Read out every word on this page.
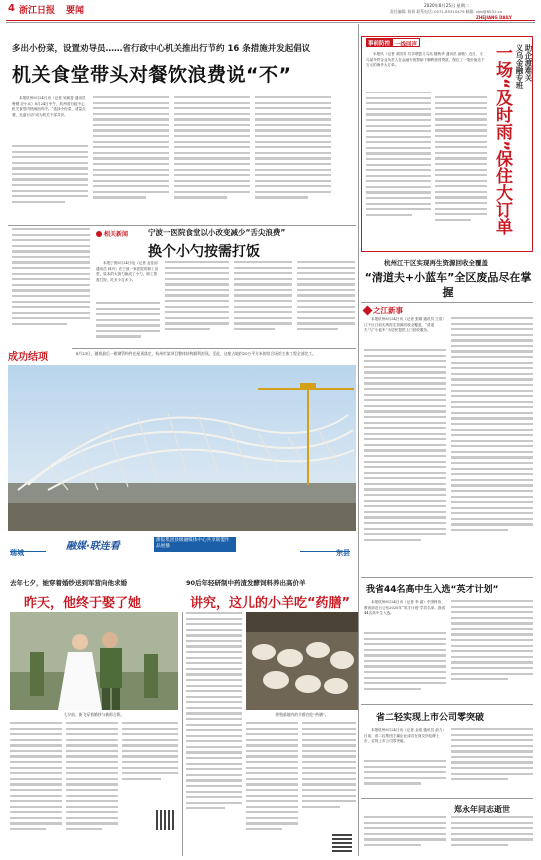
4 浙江日报 要闻
2020年8月25日 星期二
责任编辑: 陈妍 联系电话: 0571-85310479 邮箱: zjrb@8531.cn
ZHEJIANG DAILY
多出小份菜，设置劝导员……省行政中心机关推出行节约 16 条措施并发起倡议
机关食堂带头对餐饮浪费说“不”

本报杭州8月24日讯（记者 吴朝香 通讯员 鲁钢 应小兵）8月24日中午，杭州省行政中心机关食堂内热闹而有序。“选择小份菜、适量点餐、光盘行动”成为机关干部共识。

事前防控 一线回声

本报讯（记者 邓国芳 共享联盟义乌站 楼秋华 通讯员 俞敏）近日，义乌某外贸企业负责人在金融专班帮助下顺利获得贷款，保住了一笔价值近千万元的海外大订单。	一场“及时雨”
保住大订单
义乌金融专班 助企渡难关
相关新闻	宁波一医院食堂以小改变减少“舌尖浪费”
换个小勺按需打饭

本报宁波8月24日电（记者 孟佳韵 通讯员 林丹）在宁波一家医院的职工食堂，原本的大饭勺换成了小勺，职工按需打饭，吃多少打多少。

8月23日，随着最后一根钢管构件在屋顶落定，杭州市某项目整体结构顺利封顶。至此，这座占地约20万平方米的综合场馆主体工程全部完工。
成功结项
杭州江干区实现再生资源回收全覆盖
“清道夫+小蓝车”全区废品尽在掌握
之江新事

本报杭州8月24日讯（记者 张娜 通讯员 王浩）江干区日前实现再生资源回收全覆盖，“清道夫”与“小蓝车”为居民提供上门回收服务。

融媒·联连看	浙报集团县级融媒体中心共享联盟作品展播
瑞城	东县
去年七夕，她穿着婚纱送到军营向他求婚
昨天，他终于娶了她
90后年轻研制中药渣发酵饲料养出高价羊
讲究，这儿的小羊吃“药膳”
七夕前，新飞穿着婚纱与新郎合影。	养殖基地内的羊群在吃“药膳”。
我省44名高中生入选“英才计划”

本报杭州8月24日讯（记者 李 睿）中国科协、教育部近日公布2020年“英才计划”学员名单，我省44名高中生入选。

省二轻实现上市公司零突破

本报杭州8月24日讯（记者 金梁 通讯员 俞力）日前，省二轻集团下属企业成功在深交所挂牌上市，实现上市公司零突破。

郑永年同志逝世
